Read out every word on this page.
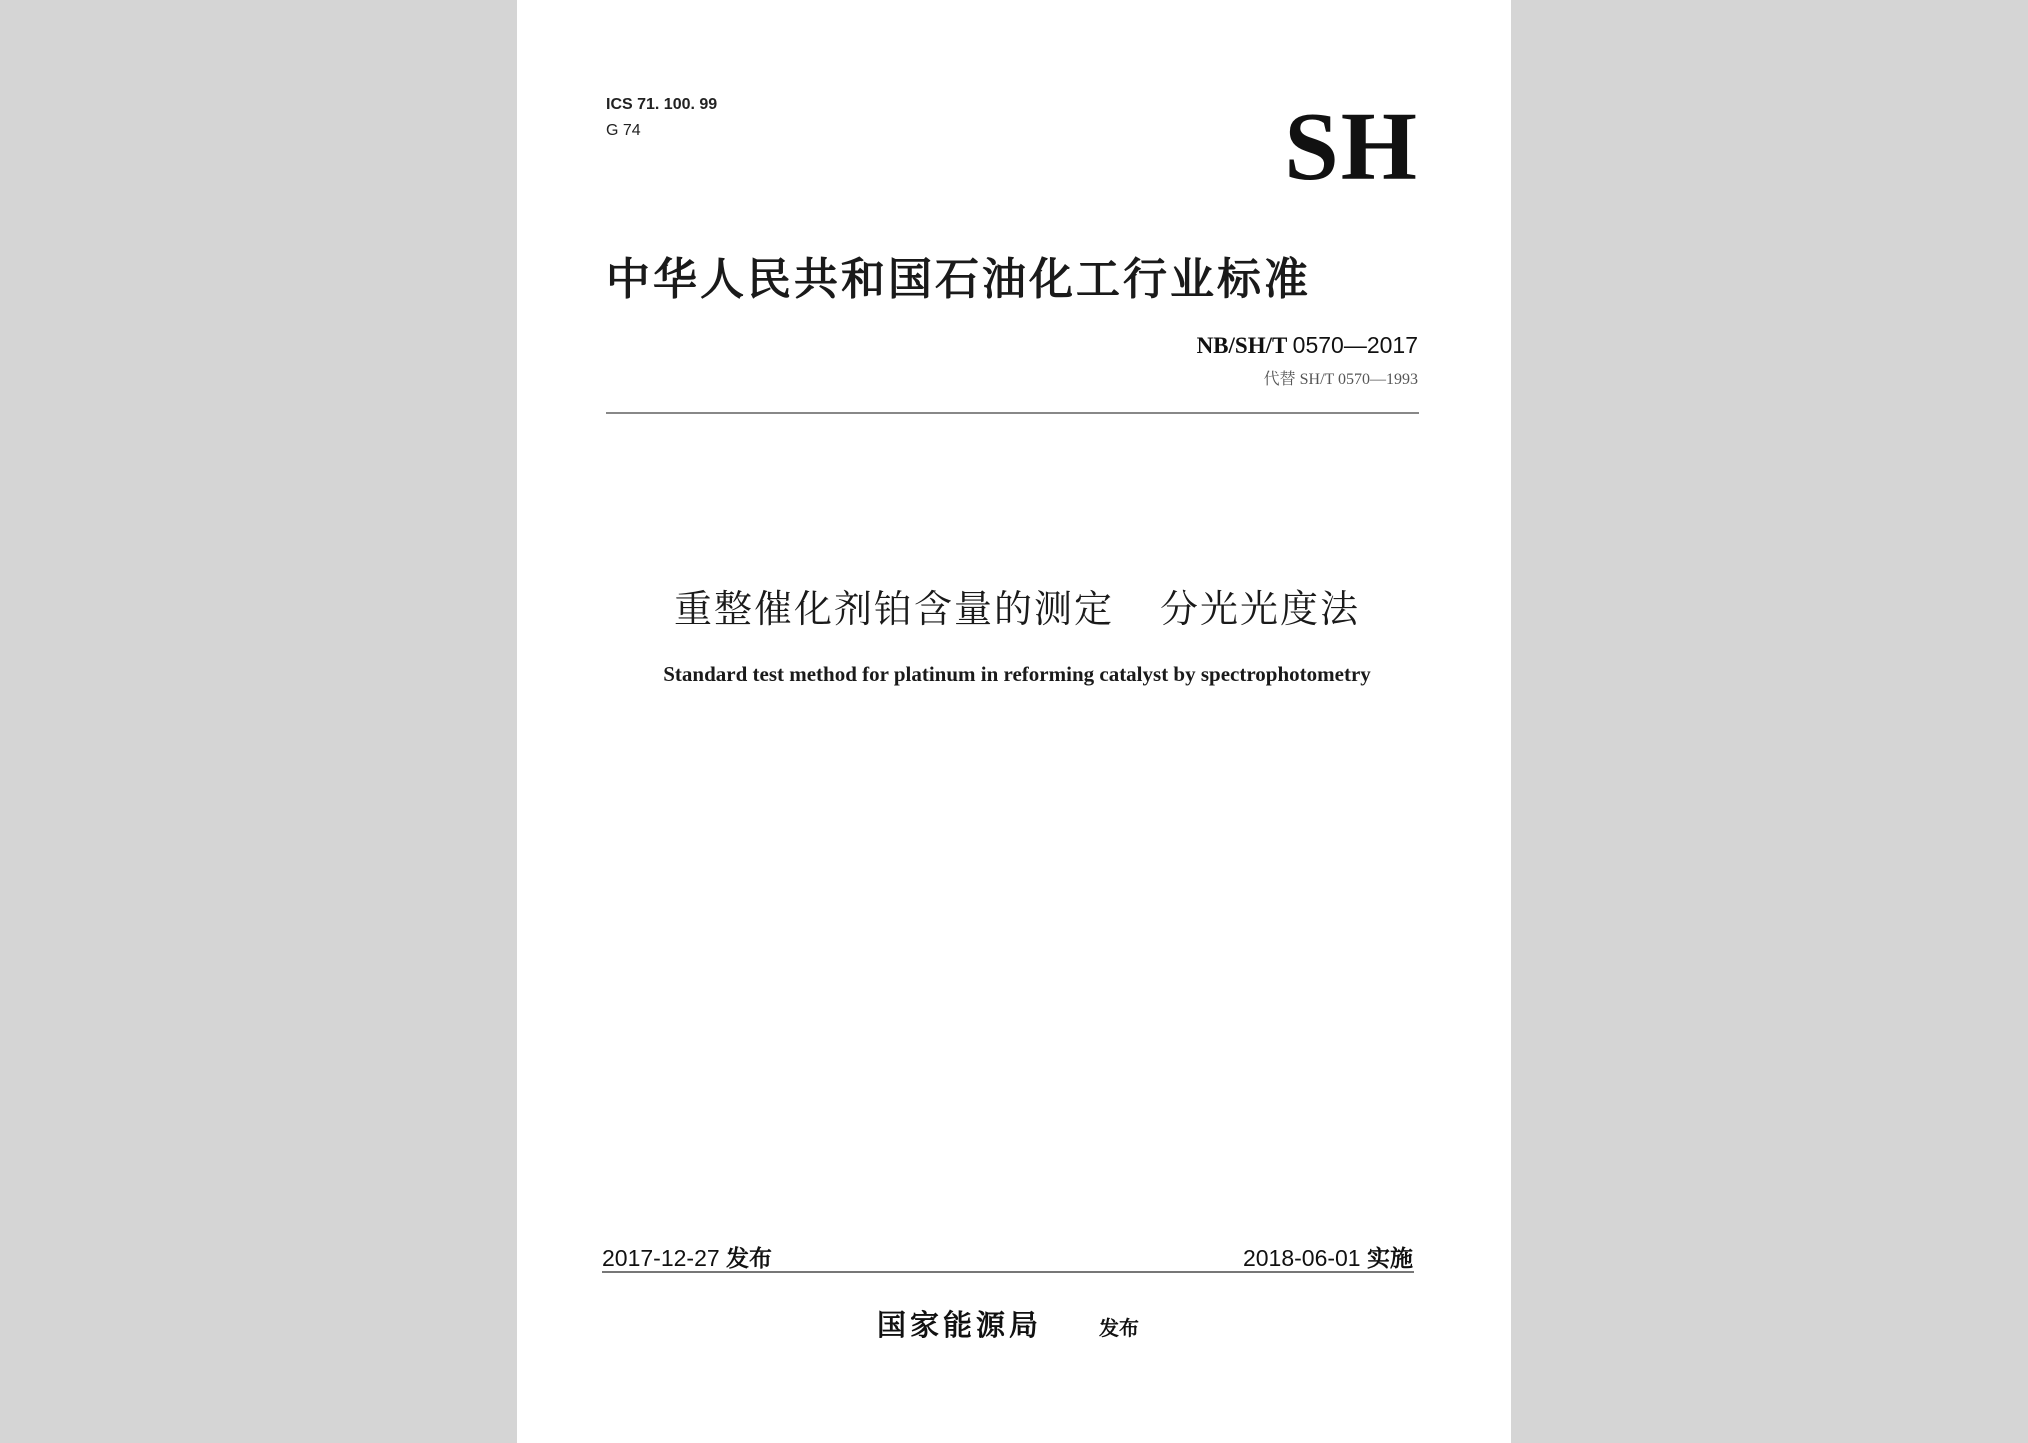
ICS 71. 100. 99
G 74	SH
中华人民共和国石油化工行业标准
NB/SH/T 0570—2017
代替 SH/T 0570—1993
重整催化剂铂含量的测定 分光光度法
Standard test method for platinum in reforming catalyst by spectrophotometry
2017-12-27 发布	2018-06-01 实施
国家能源局	发布
